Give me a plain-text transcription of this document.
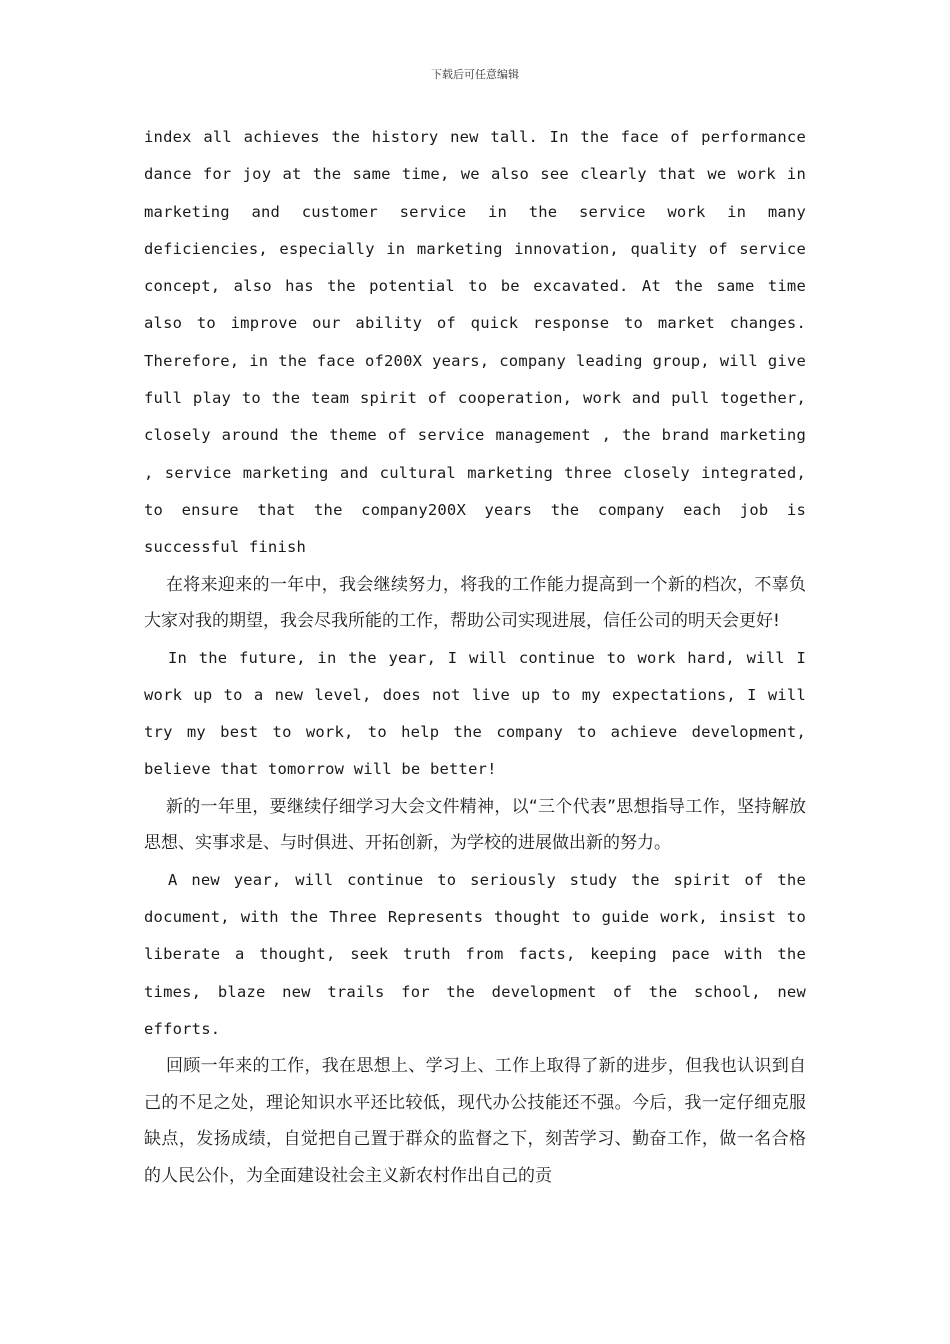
下载后可任意编辑

index all achieves the history new tall. In the face of performance dance for joy at the same time, we also see clearly that we work in marketing and customer service in the service work in many deficiencies, especially in marketing innovation, quality of service concept, also has the potential to be excavated. At the same time also to improve our ability of quick response to market changes. Therefore, in the face of200X years, company leading group, will give full play to the team spirit of cooperation, work and pull together, closely around the theme of service management , the brand marketing , service marketing and cultural marketing three closely integrated, to ensure that the company200X years the company each job is successful finish

在将来迎来的一年中，我会继续努力，将我的工作能力提高到一个新的档次，不辜负大家对我的期望，我会尽我所能的工作，帮助公司实现进展，信任公司的明天会更好!

In the future, in the year, I will continue to work hard, will I work up to a new level, does not live up to my expectations, I will try my best to work, to help the company to achieve development, believe that tomorrow will be better!

新的一年里，要继续仔细学习大会文件精神，以“三个代表”思想指导工作，坚持解放思想、实事求是、与时俱进、开拓创新，为学校的进展做出新的努力。

A new year, will continue to seriously study the spirit of the document, with the Three Represents thought to guide work, insist to liberate a thought, seek truth from facts, keeping pace with the times, blaze new trails for the development of the school, new efforts.

回顾一年来的工作，我在思想上、学习上、工作上取得了新的进步，但我也认识到自己的不足之处，理论知识水平还比较低，现代办公技能还不强。今后，我一定仔细克服缺点，发扬成绩，自觉把自己置于群众的监督之下，刻苦学习、勤奋工作，做一名合格的人民公仆，为全面建设社会主义新农村作出自己的贡
